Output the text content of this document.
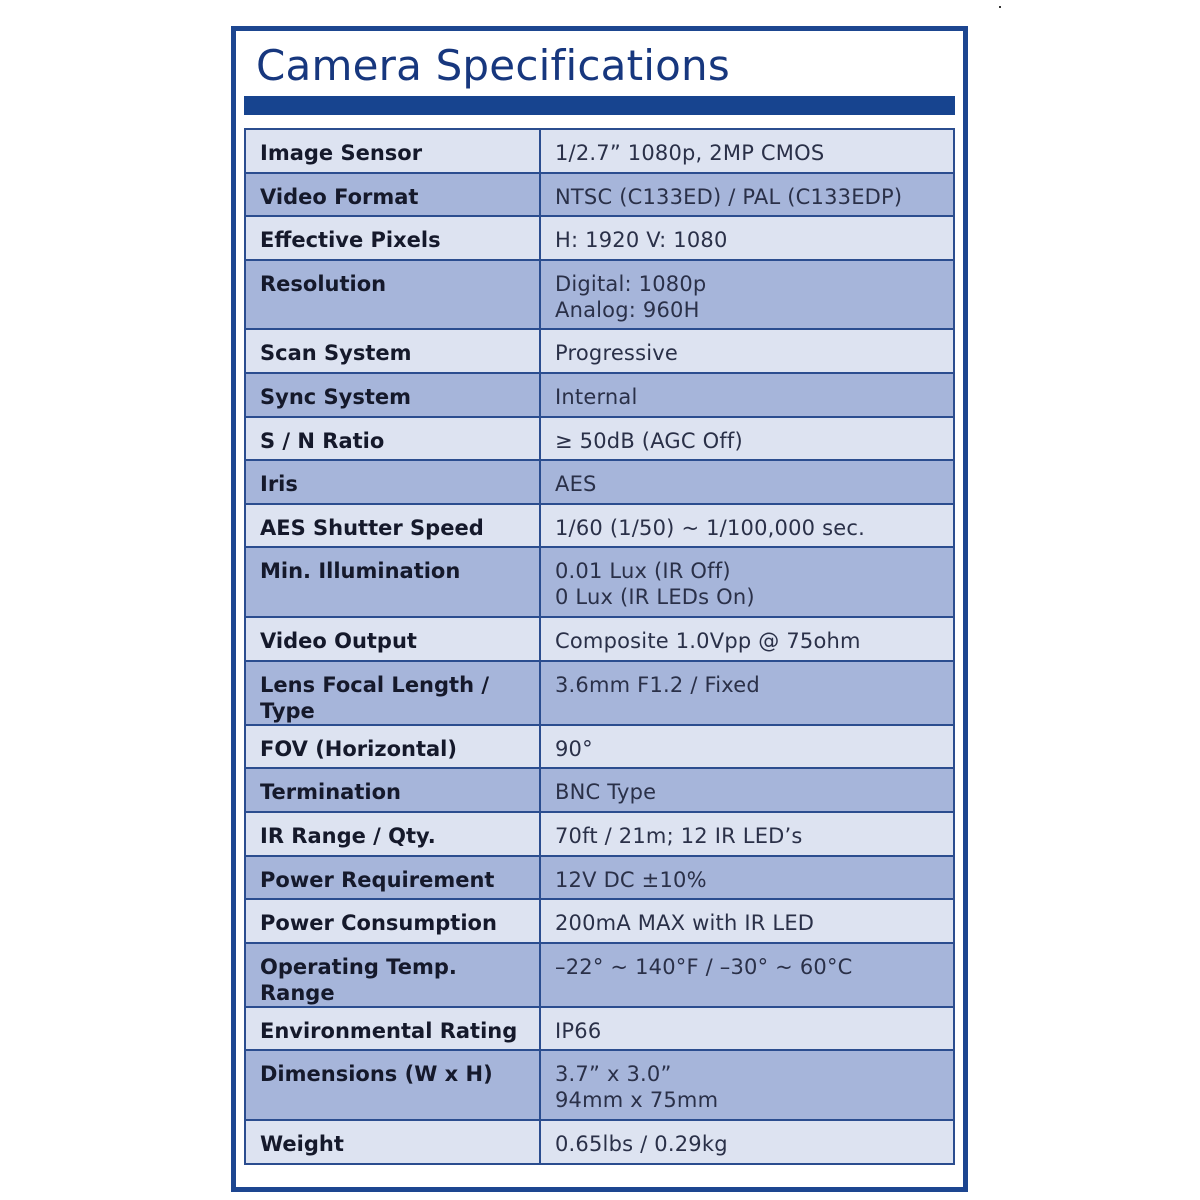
Camera Specifications
Image Sensor	1/2.7” 1080p, 2MP CMOS

Video Format	NTSC (C133ED) / PAL (C133EDP)

Effective Pixels	H: 1920 V: 1080

Resolution	Digital: 1080p
Analog: 960H

Scan System	Progressive

Sync System	Internal

S / N Ratio	≥ 50dB (AGC Off)

Iris	AES

AES Shutter Speed	1/60 (1/50) ~ 1/100,000 sec.

Min. Illumination	0.01 Lux (IR Off)
0 Lux (IR LEDs On)

Video Output	Composite 1.0Vpp @ 75ohm

Lens Focal Length / Type	3.6mm F1.2 / Fixed

FOV (Horizontal)	90°

Termination	BNC Type

IR Range / Qty.	70ft / 21m; 12 IR LED’s

Power Requirement	12V DC ±10%

Power Consumption	200mA MAX with IR LED

Operating Temp. Range	–22° ~ 140°F / –30° ~ 60°C

Environmental Rating	IP66

Dimensions (W x H)	3.7” x 3.0”
94mm x 75mm

Weight	0.65lbs / 0.29kg
